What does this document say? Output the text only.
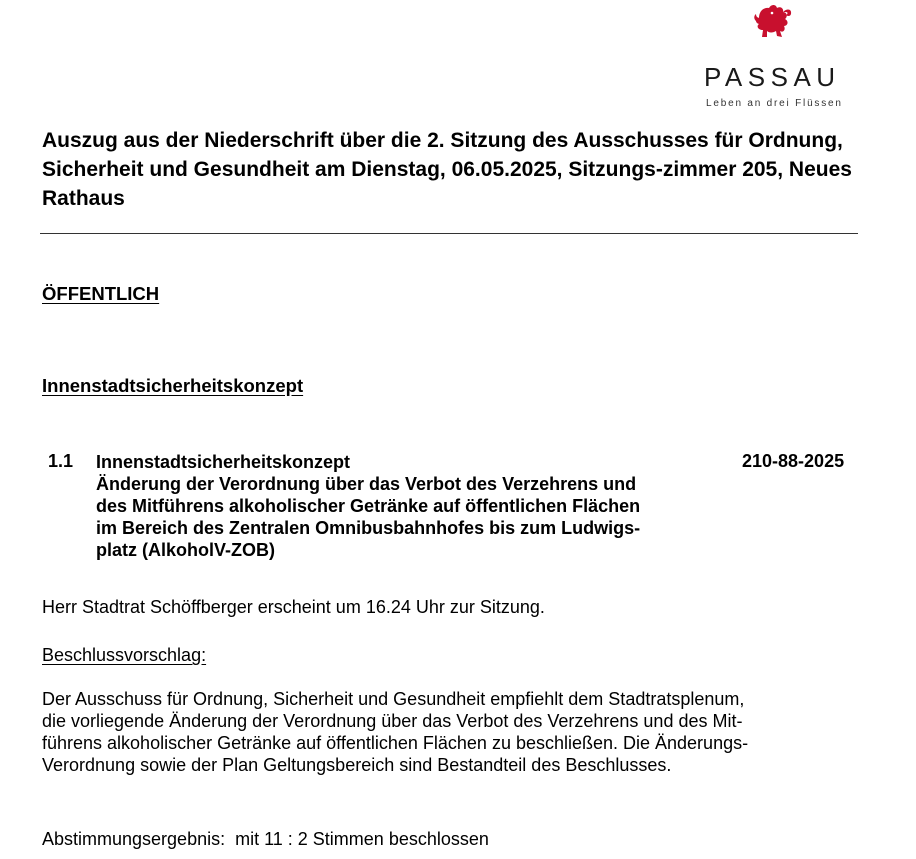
PASSAU
Leben an drei Flüssen
Auszug aus der Niederschrift über die 2. Sitzung des Ausschusses für Ordnung, Sicherheit und Gesundheit am Dienstag, 06.05.2025, Sitzungs-zimmer 205, Neues Rathaus
ÖFFENTLICH
Innenstadtsicherheitskonzept
1.1 Innenstadtsicherheitskonzept
Änderung der Verordnung über das Verbot des Verzehrens und
des Mitführens alkoholischer Getränke auf öffentlichen Flächen
im Bereich des Zentralen Omnibusbahnhofes bis zum Ludwigs-
platz (AlkoholV-ZOB)
210-88-2025
Herr Stadtrat Schöffberger erscheint um 16.24 Uhr zur Sitzung.
Beschlussvorschlag:
Der Ausschuss für Ordnung, Sicherheit und Gesundheit empfiehlt dem Stadtratsplenum,
die vorliegende Änderung der Verordnung über das Verbot des Verzehrens und des Mit-
führens alkoholischer Getränke auf öffentlichen Flächen zu beschließen. Die Änderungs-
Verordnung sowie der Plan Geltungsbereich sind Bestandteil des Beschlusses.
Abstimmungsergebnis: mit 11 : 2 Stimmen beschlossen
